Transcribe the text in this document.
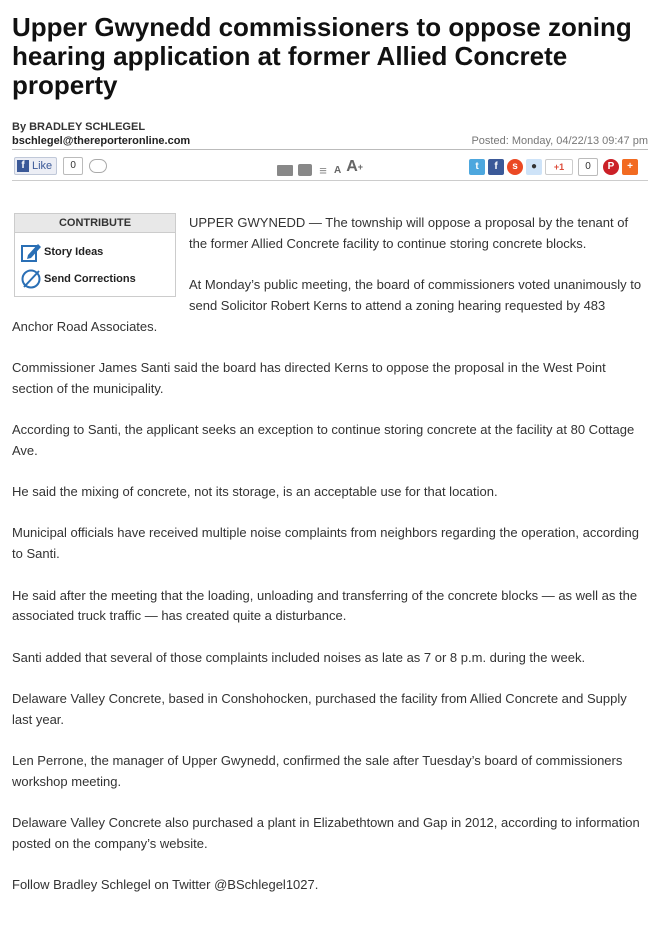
Upper Gwynedd commissioners to oppose zoning hearing application at former Allied Concrete property
By BRADLEY SCHLEGEL
bschlegel@thereporteronline.com	Posted: Monday, 04/22/13 09:47 pm
f Like	0	≡ A A +	t	f	s	●	+1	0	P	+
CONTRIBUTE
Story Ideas
Send Corrections

UPPER GWYNEDD — The township will oppose a proposal by the tenant of the former Allied Concrete facility to continue storing concrete blocks.

At Monday’s public meeting, the board of commissioners voted unanimously to send Solicitor Robert Kerns to attend a zoning hearing requested by 483 Anchor Road Associates.

Commissioner James Santi said the board has directed Kerns to oppose the proposal in the West Point section of the municipality.

According to Santi, the applicant seeks an exception to continue storing concrete at the facility at 80 Cottage Ave.

He said the mixing of concrete, not its storage, is an acceptable use for that location.

Municipal officials have received multiple noise complaints from neighbors regarding the operation, according to Santi.

He said after the meeting that the loading, unloading and transferring of the concrete blocks — as well as the associated truck traffic — has created quite a disturbance.

Santi added that several of those complaints included noises as late as 7 or 8 p.m. during the week.

Delaware Valley Concrete, based in Conshohocken, purchased the facility from Allied Concrete and Supply last year.

Len Perrone, the manager of Upper Gwynedd, confirmed the sale after Tuesday’s board of commissioners workshop meeting.

Delaware Valley Concrete also purchased a plant in Elizabethtown and Gap in 2012, according to information posted on the company’s website.

Follow Bradley Schlegel on Twitter @BSchlegel1027.
